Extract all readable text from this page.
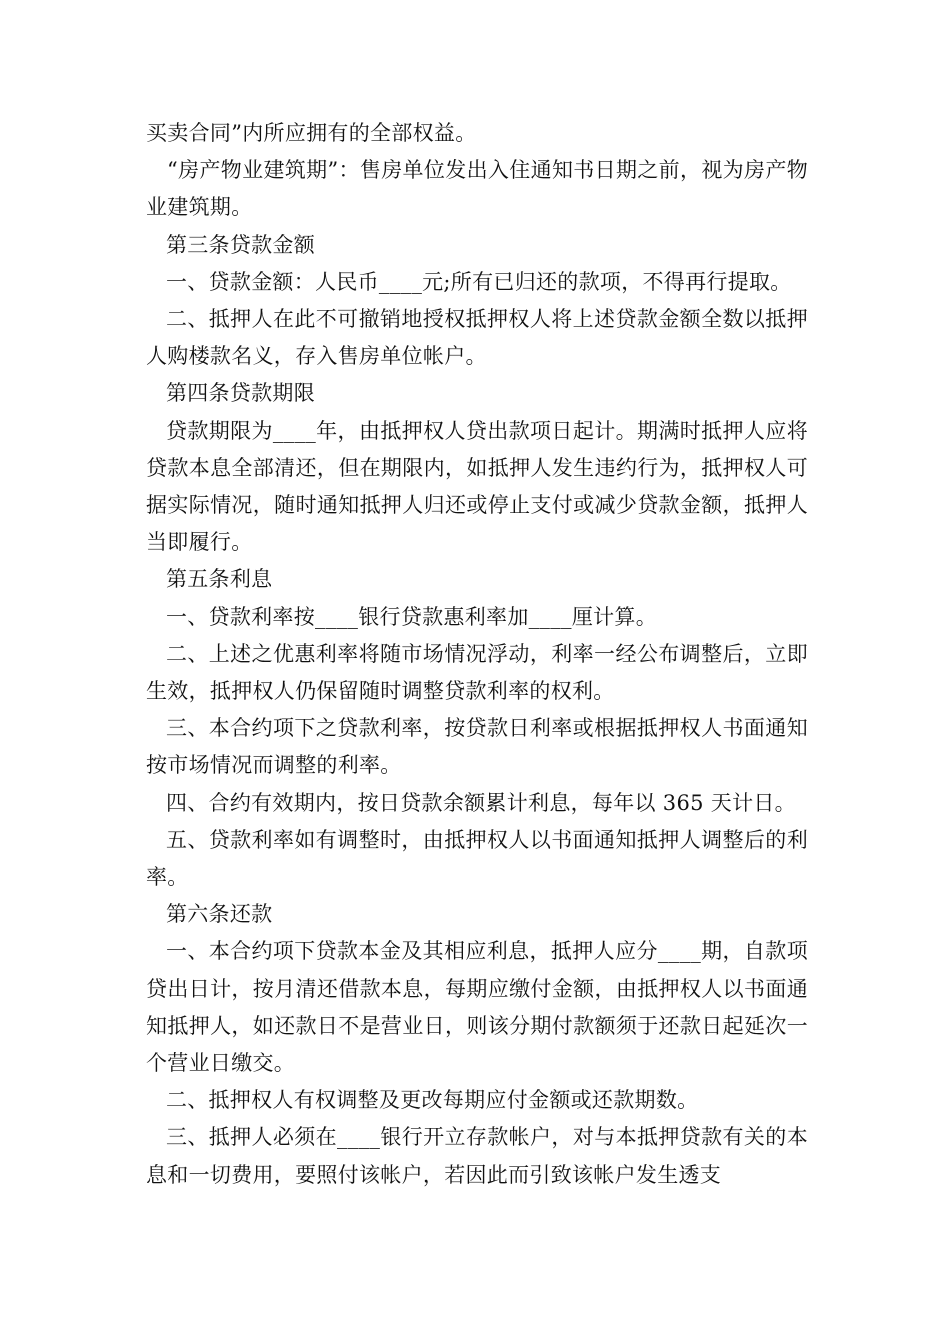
买卖合同”内所应拥有的全部权益。

“房产物业建筑期”：售房单位发出入住通知书日期之前，视为房产物业建筑期。

第三条贷款金额

一、贷款金额：人民币____元;所有已归还的款项，不得再行提取。

二、抵押人在此不可撤销地授权抵押权人将上述贷款金额全数以抵押人购楼款名义，存入售房单位帐户。

第四条贷款期限

贷款期限为____年，由抵押权人贷出款项日起计。期满时抵押人应将贷款本息全部清还，但在期限内，如抵押人发生违约行为，抵押权人可据实际情况，随时通知抵押人归还或停止支付或减少贷款金额，抵押人当即履行。

第五条利息

一、贷款利率按____银行贷款惠利率加____厘计算。

二、上述之优惠利率将随市场情况浮动，利率一经公布调整后，立即生效，抵押权人仍保留随时调整贷款利率的权利。

三、本合约项下之贷款利率，按贷款日利率或根据抵押权人书面通知按市场情况而调整的利率。

四、合约有效期内，按日贷款余额累计利息，每年以 365 天计日。

五、贷款利率如有调整时，由抵押权人以书面通知抵押人调整后的利率。

第六条还款

一、本合约项下贷款本金及其相应利息，抵押人应分____期，自款项贷出日计，按月清还借款本息，每期应缴付金额，由抵押权人以书面通知抵押人，如还款日不是营业日，则该分期付款额须于还款日起延次一个营业日缴交。

二、抵押权人有权调整及更改每期应付金额或还款期数。

三、抵押人必须在____银行开立存款帐户，对与本抵押贷款有关的本息和一切费用，要照付该帐户，若因此而引致该帐户发生透支
